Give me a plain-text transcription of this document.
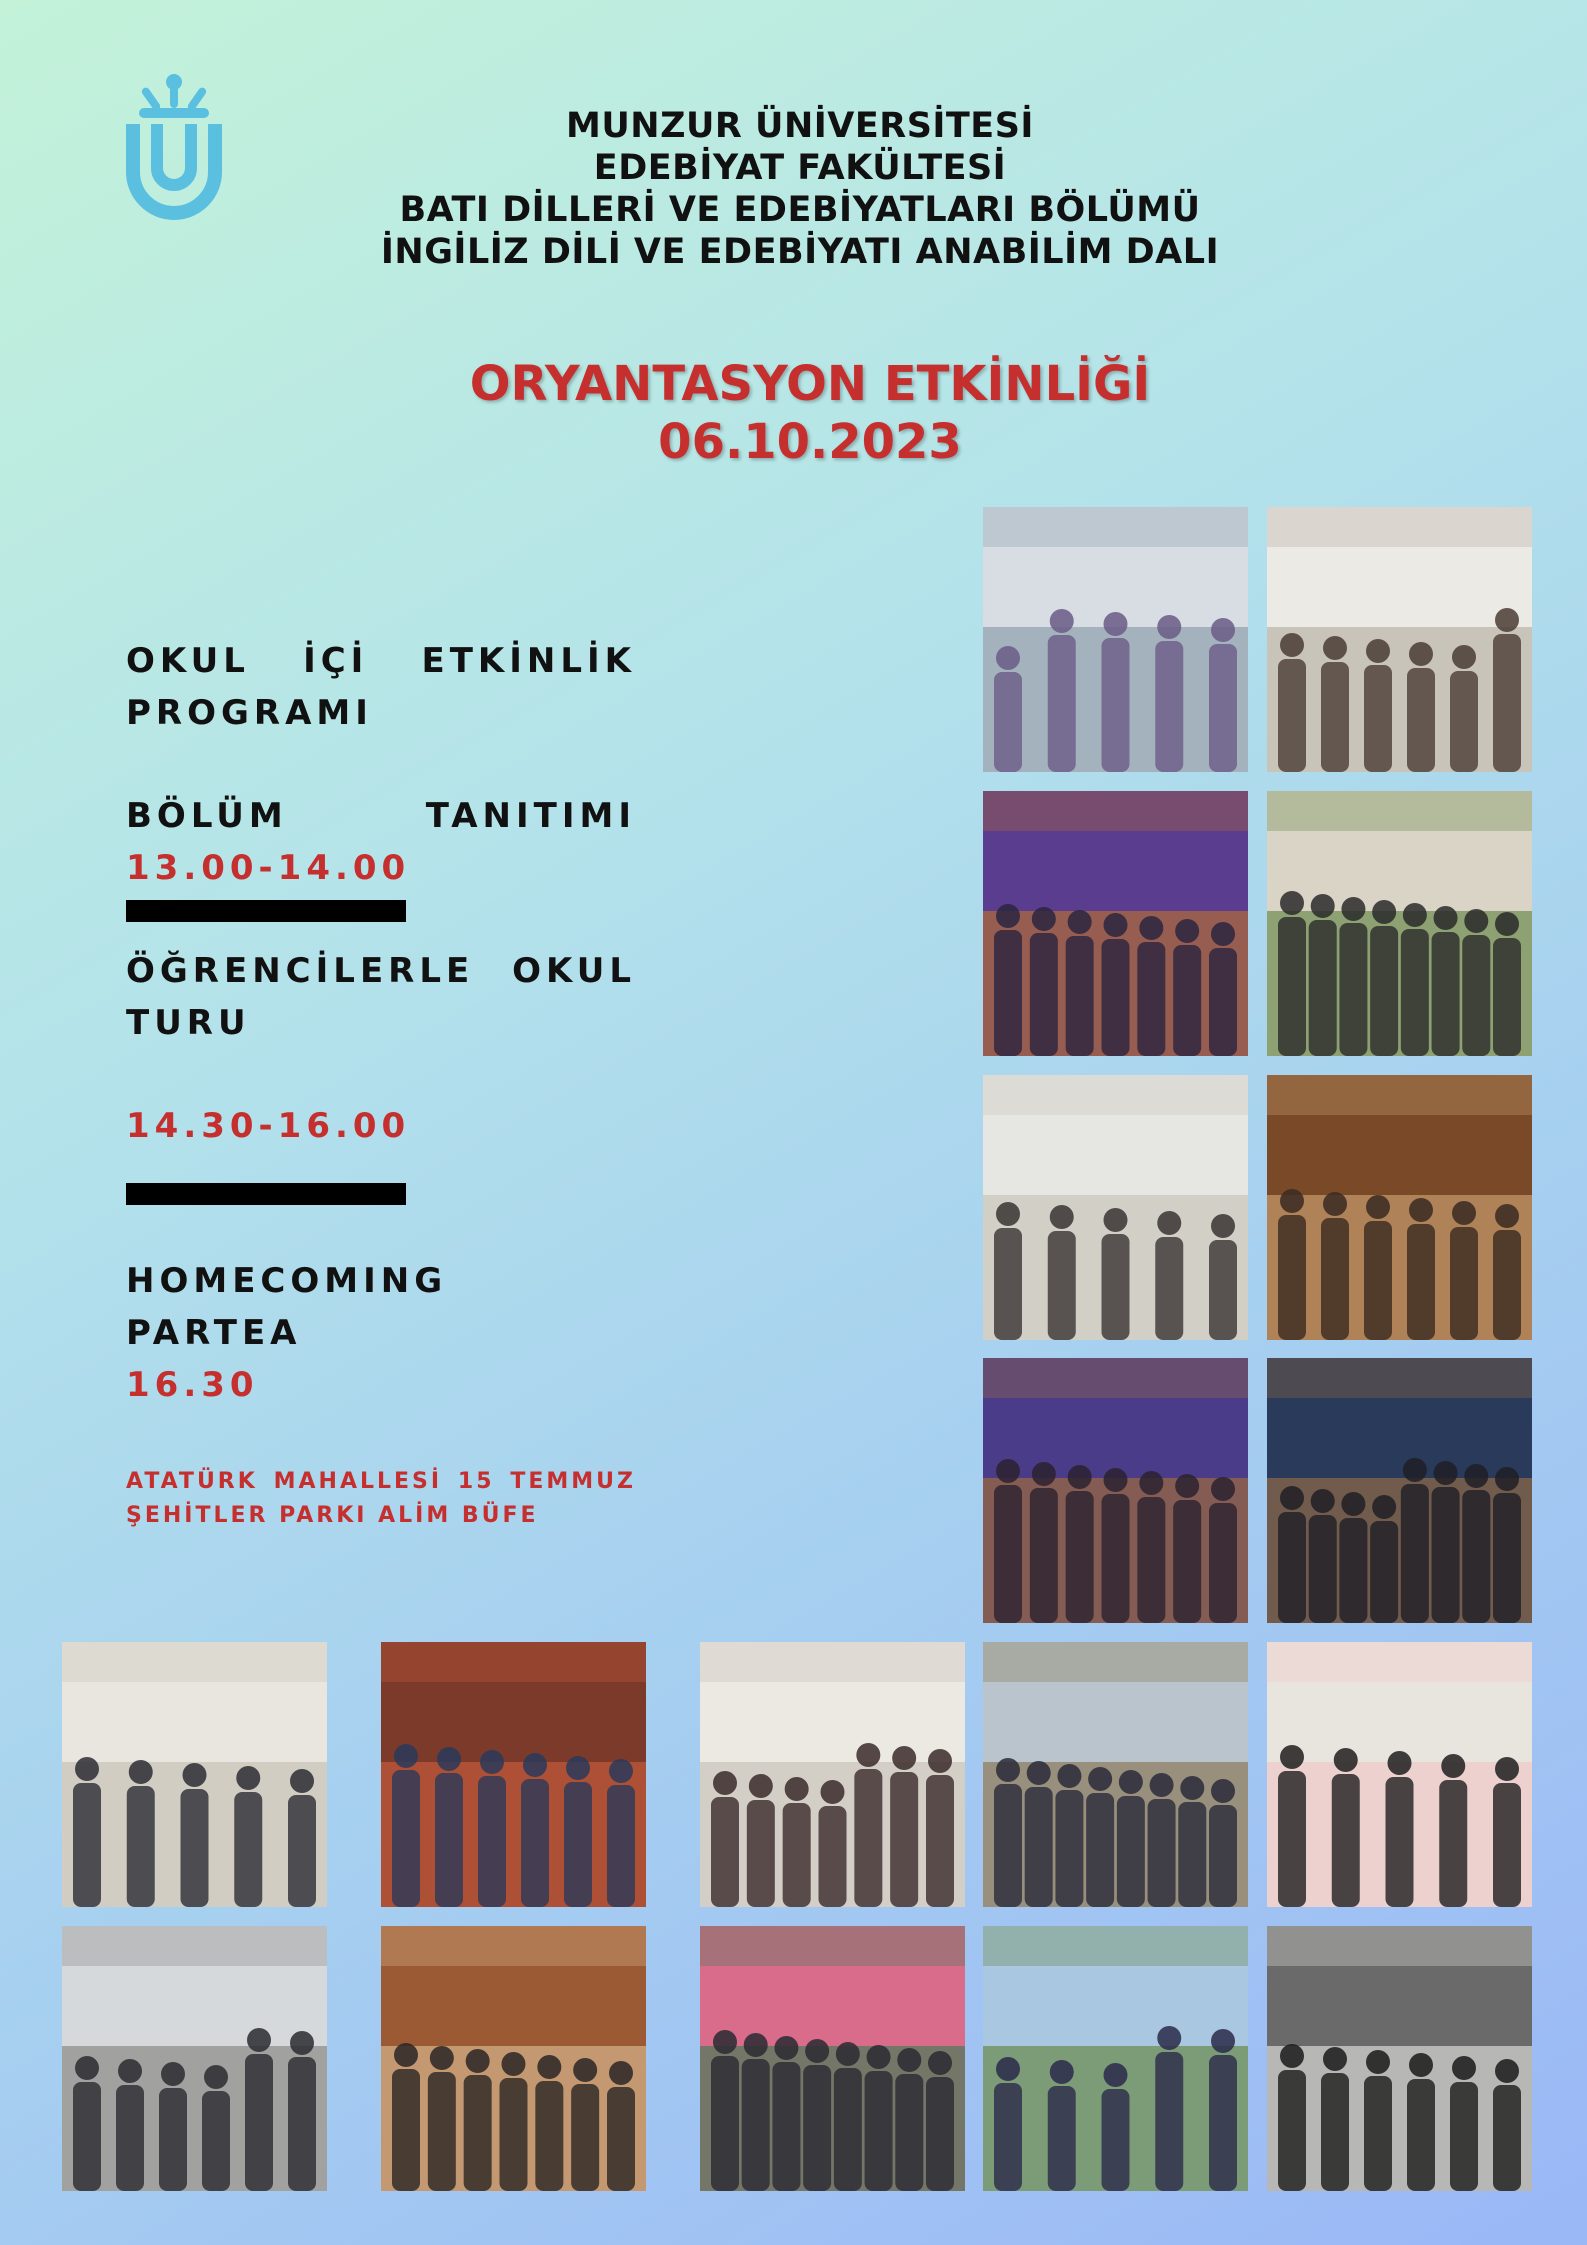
MUNZUR ÜNİVERSİTESİ
EDEBİYAT FAKÜLTESİ
BATI DİLLERİ VE EDEBİYATLARI BÖLÜMÜ
İNGİLİZ DİLİ VE EDEBİYATI ANABİLİM DALI
ORYANTASYON ETKİNLİĞİ
06.10.2023
OKUL İÇİ ETKİNLİK
PROGRAMI
BÖLÜM TANITIMI
13.00-14.00
ÖĞRENCİLERLE OKUL
TURU
14.30-16.00
HOMECOMING
PARTEA
16.30
ATATÜRK MAHALLESİ 15 TEMMUZ
ŞEHİTLER PARKI ALİM BÜFE
